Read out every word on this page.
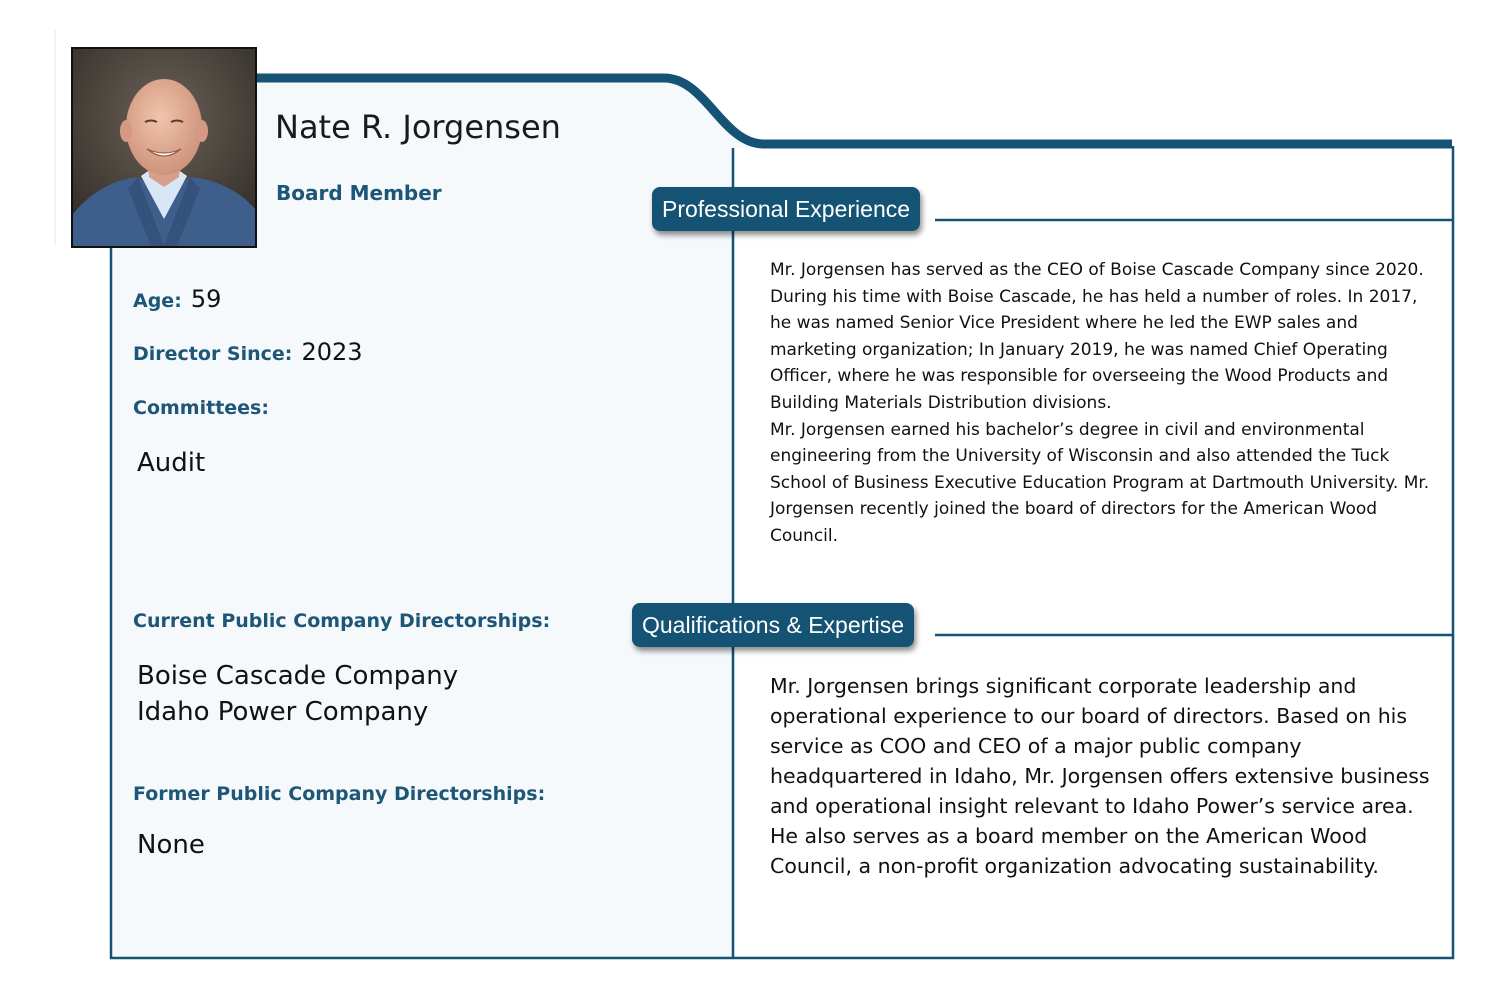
Nate R. Jorgensen
Board Member
Age: 59
Director Since: 2023
Committees:
Audit
Current Public Company Directorships:
Boise Cascade Company
Idaho Power Company
Former Public Company Directorships:
None
Professional Experience
Qualifications & Expertise

Mr. Jorgensen has served as the CEO of Boise Cascade Company since 2020. During his time with Boise Cascade, he has held a number of roles. In 2017, he was named Senior Vice President where he led the EWP sales and marketing organization; In January 2019, he was named Chief Operating Officer, where he was responsible for overseeing the Wood Products and Building Materials Distribution divisions.

Mr. Jorgensen earned his bachelor’s degree in civil and environmental engineering from the University of Wisconsin and also attended the Tuck School of Business Executive Education Program at Dartmouth University. Mr. Jorgensen recently joined the board of directors for the American Wood Council.

Mr. Jorgensen brings significant corporate leadership and operational experience to our board of directors. Based on his service as COO and CEO of a major public company headquartered in Idaho, Mr. Jorgensen offers extensive business and operational insight relevant to Idaho Power’s service area. He also serves as a board member on the American Wood Council, a non-profit organization advocating sustainability.
